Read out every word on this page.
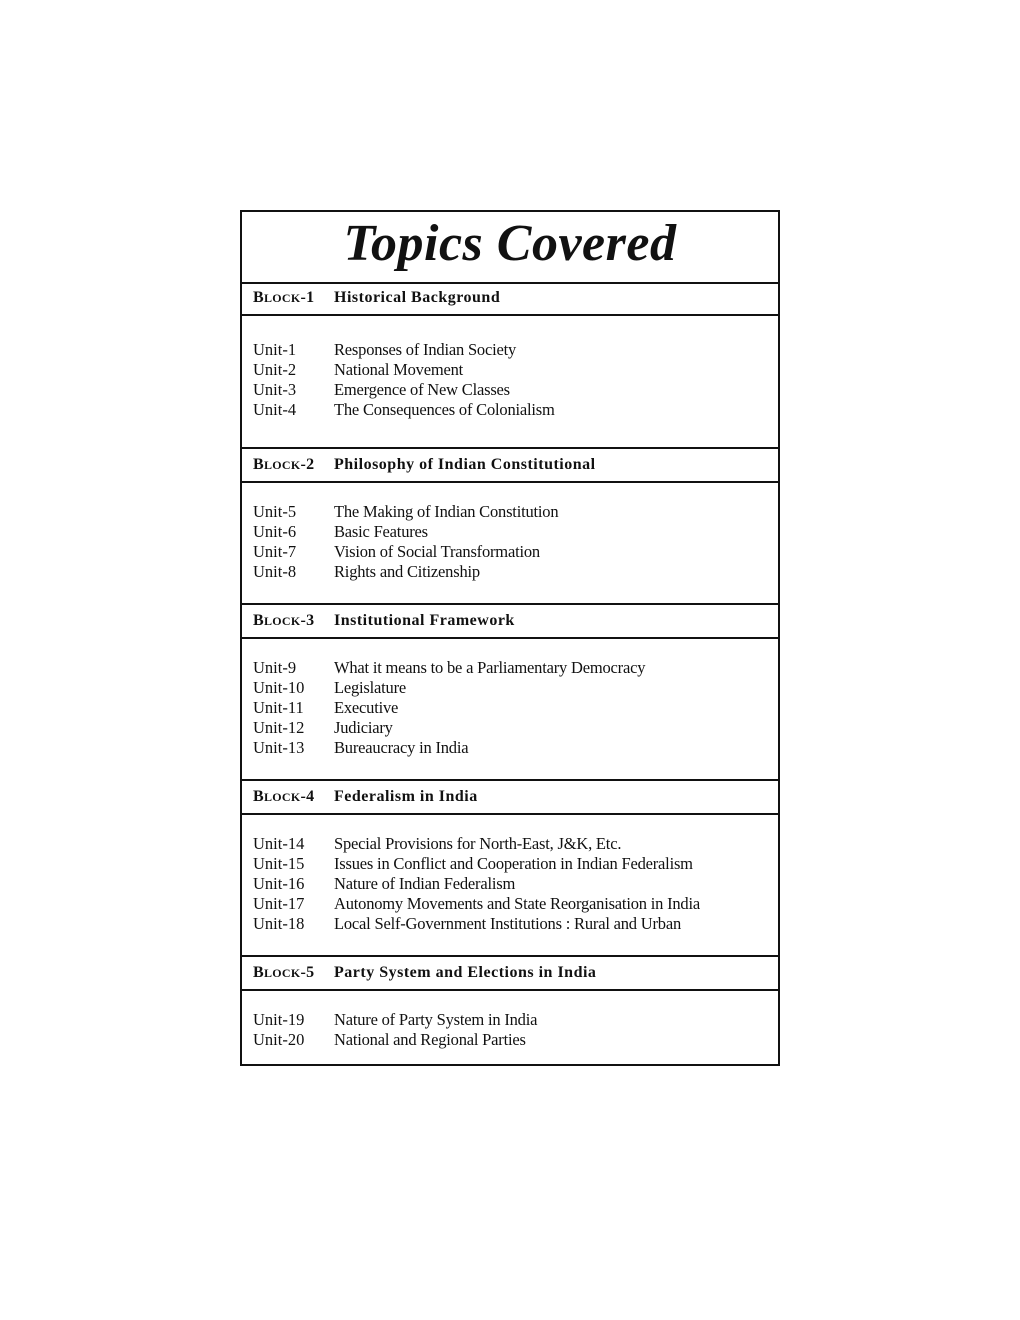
Topics Covered
BLOCK-1 Historical Background
Unit-1 Responses of Indian Society
Unit-2 National Movement
Unit-3 Emergence of New Classes
Unit-4 The Consequences of Colonialism
BLOCK-2 Philosophy of Indian Constitutional
Unit-5 The Making of Indian Constitution
Unit-6 Basic Features
Unit-7 Vision of Social Transformation
Unit-8 Rights and Citizenship
BLOCK-3 Institutional Framework
Unit-9 What it means to be a Parliamentary Democracy
Unit-10 Legislature
Unit-11 Executive
Unit-12 Judiciary
Unit-13 Bureaucracy in India
BLOCK-4 Federalism in India
Unit-14 Special Provisions for North-East, J&K, Etc.
Unit-15 Issues in Conflict and Cooperation in Indian Federalism
Unit-16 Nature of Indian Federalism
Unit-17 Autonomy Movements and State Reorganisation in India
Unit-18 Local Self-Government Institutions : Rural and Urban
BLOCK-5 Party System and Elections in India
Unit-19 Nature of Party System in India
Unit-20 National and Regional Parties
